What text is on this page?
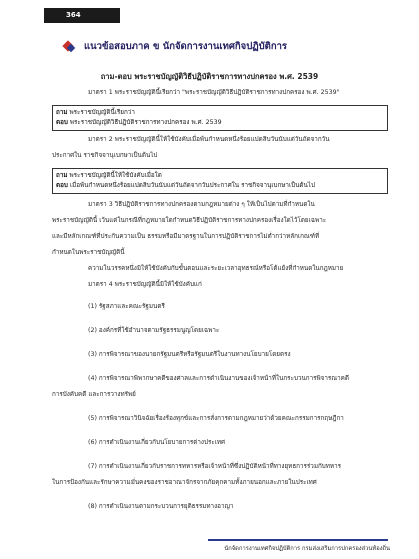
364
แนวข้อสอบภาค ข นักจัดการงานเทศกิจปฏิบัติการ
ถาม-ตอบ พระราชบัญญัติวิธีปฏิบัติราชการทางปกครอง พ.ศ. 2539
มาตรา 1 พระราชบัญญัตินี้เรียกว่า "พระราชบัญญัติวิธีปฏิบัติราชการทางปกครอง พ.ศ. 2539"
ถาม พระราชบัญญัตินี้เรียกว่า
ตอบ พระราชบัญญัติวิธีปฏิบัติราชการทางปกครอง พ.ศ. 2539
มาตรา 2 พระราชบัญญัตินี้ให้ใช้บังคับเมื่อพ้นกำหนดหนึ่งร้อยแปดสิบวันนับแต่วันถัดจากวัน
ประกาศใน ราชกิจจานุเบกษาเป็นต้นไป
ถาม พระราชบัญญัตินี้ให้ใช้บังคับเมื่อใด
ตอบ เมื่อพ้นกำหนดหนึ่งร้อยแปดสิบวันนับแต่วันถัดจากวันประกาศใน ราชกิจจานุเบกษาเป็นต้นไป
มาตรา 3 วิธีปฏิบัติราชการทางปกครองตามกฎหมายต่าง ๆ ให้เป็นไปตามที่กำหนดใน
พระราชบัญญัตินี้ เว้นแต่ในกรณีที่กฎหมายใดกำหนดวิธีปฏิบัติราชการทางปกครองเรื่องใดไว้โดยเฉพาะ
และมีหลักเกณฑ์ที่ประกันความเป็น ธรรมหรือมีมาตรฐานในการปฏิบัติราชการไม่ต่ำกว่าหลักเกณฑ์ที่
กำหนดในพระราชบัญญัตินี้
ความในวรรคหนึ่งมิให้ใช้บังคับกับขั้นตอนและระยะเวลาอุทธรณ์หรือโต้แย้งที่กำหนดในกฎหมาย
มาตรา 4 พระราชบัญญัตินี้มิให้ใช้บังคับแก่
(1) รัฐสภาและคณะรัฐมนตรี
(2) องค์กรที่ใช้อำนาจตามรัฐธรรมนูญโดยเฉพาะ
(3) การพิจารณาของนายกรัฐมนตรีหรือรัฐมนตรีในงานทางนโยบายโดยตรง
(4) การพิจารณาพิพากษาคดีของศาลและการดำเนินงานของเจ้าหน้าที่ในกระบวนการพิจารณาคดี
การบังคับคดี และการวางทรัพย์
(5) การพิจารณาวินิจฉัยเรื่องร้องทุกข์และการสั่งการตามกฎหมายว่าด้วยคณะกรรมการกฤษฎีกา
(6) การดำเนินงานเกี่ยวกับนโยบายการต่างประเทศ
(7) การดำเนินงานเกี่ยวกับราชการทหารหรือเจ้าหน้าที่ซึ่งปฏิบัติหน้าที่ทางยุทธการร่วมกับทหาร
ในการป้องกันและรักษาความมั่นคงของราชอาณาจักรจากภัยคุกคามทั้งภายนอกและภายในประเทศ
(8) การดำเนินงานตามกระบวนการยุติธรรมทางอาญา
นักจัดการงานเทศกิจปฏิบัติการ กรมส่งเสริมการปกครองส่วนท้องถิ่น
